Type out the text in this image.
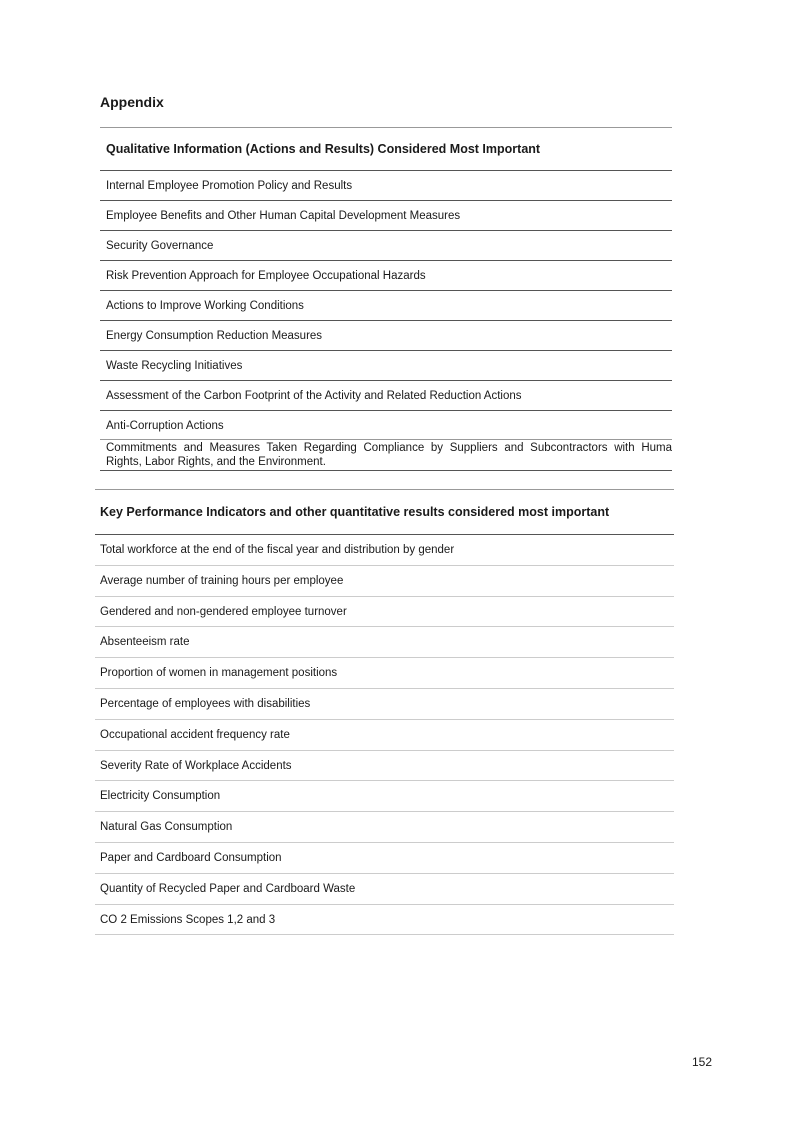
Appendix
Qualitative Information (Actions and Results) Considered Most Important
Internal Employee Promotion Policy and Results
Employee Benefits and Other Human Capital Development Measures
Security Governance
Risk Prevention Approach for Employee Occupational Hazards
Actions to Improve Working Conditions
Energy Consumption Reduction Measures
Waste Recycling Initiatives
Assessment of the Carbon Footprint of the Activity and Related Reduction Actions
Anti-Corruption Actions
Commitments and Measures Taken Regarding Compliance by Suppliers and Subcontractors with Huma
Rights, Labor Rights, and the Environment.
Key Performance Indicators and other quantitative results considered most important
Total workforce at the end of the fiscal year and distribution by gender
Average number of training hours per employee
Gendered and non-gendered employee turnover
Absenteeism rate
Proportion of women in management positions
Percentage of employees with disabilities
Occupational accident frequency rate
Severity Rate of Workplace Accidents
Electricity Consumption
Natural Gas Consumption
Paper and Cardboard Consumption
Quantity of Recycled Paper and Cardboard Waste
CO 2 Emissions Scopes 1,2 and 3
152
